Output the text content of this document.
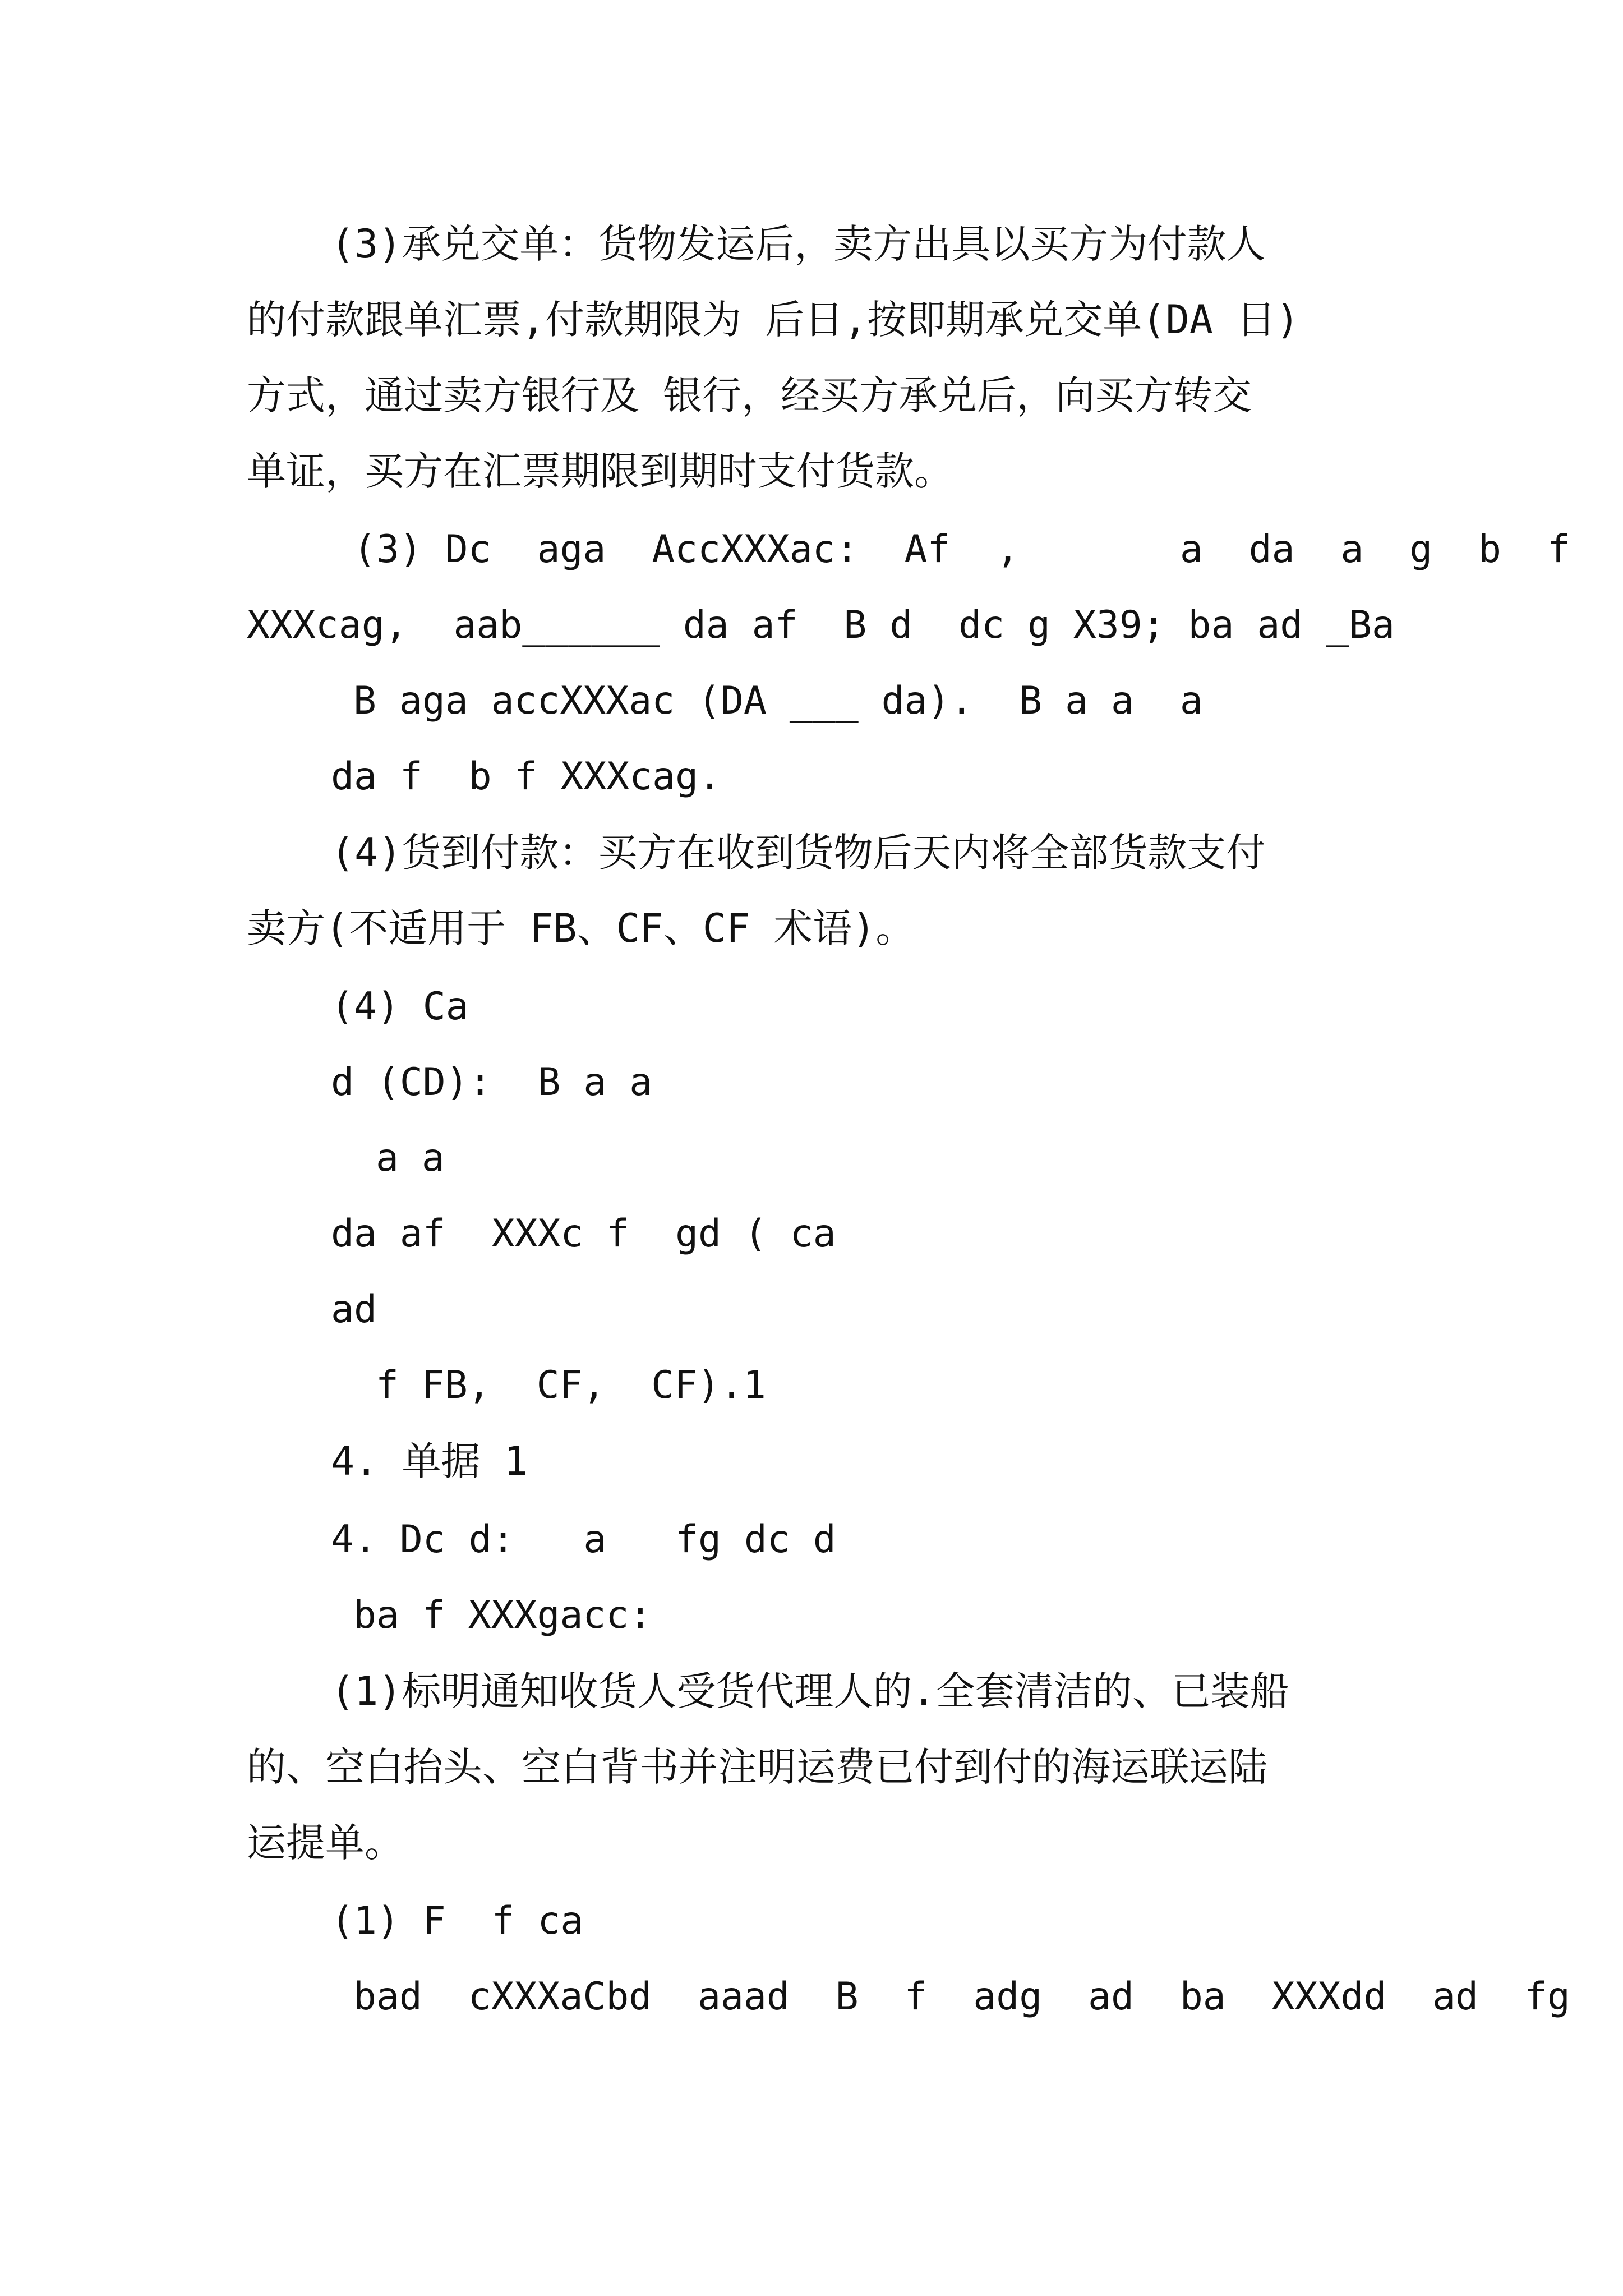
(3)承兑交单：货物发运后，卖方出具以买方为付款人
的付款跟单汇票,付款期限为 后日,按即期承兑交单(DA 日)
方式，通过卖方银行及 银行，经买方承兑后，向买方转交
单证，买方在汇票期限到期时支付货款。
(3) Dc  aga  AccXXXac:  Af  ,       a  da  a  g  b  f
XXXcag,  aab______ da af  B d  dc g X39; ba ad _Ba
B aga accXXXac (DA ___ da).  B a a  a
da f  b f XXXcag.
(4)货到付款：买方在收到货物后天内将全部货款支付
卖方(不适用于 FB、CF、CF 术语)。
(4) Ca
d (CD):  B a a
a a
da af  XXXc f  gd ( ca
ad
f FB,  CF,  CF).1
4. 单据 1
4. Dc d:   a   fg dc d
ba f XXXgacc:
(1)标明通知收货人受货代理人的.全套清洁的、已装船
的、空白抬头、空白背书并注明运费已付到付的海运联运陆
运提单。
(1) F  f ca
bad  cXXXaCbd  aaad  B  f  adg  ad  ba  XXXdd  ad  fg
